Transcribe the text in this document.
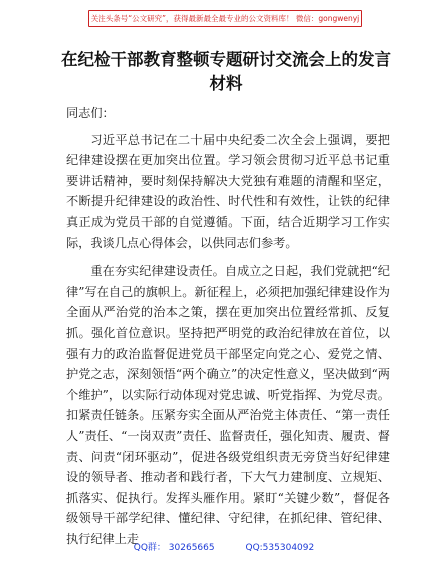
关注头条号“公文研究”，获得最新最全最专业的公文资料库！ 微信：gongwenyj
在纪检干部教育整顿专题研讨交流会上的发言材料

同志们：

习近平总书记在二十届中央纪委二次全会上强调，要把纪律建设摆在更加突出位置。学习领会贯彻习近平总书记重要讲话精神，要时刻保持解决大党独有难题的清醒和坚定，不断提升纪律建设的政治性、时代性和有效性，让铁的纪律真正成为党员干部的自觉遵循。下面，结合近期学习工作实际，我谈几点心得体会，以供同志们参考。

重在夯实纪律建设责任。自成立之日起，我们党就把“纪律”写在自己的旗帜上。新征程上，必须把加强纪律建设作为全面从严治党的治本之策，摆在更加突出位置经常抓、反复抓。强化首位意识。坚持把严明党的政治纪律放在首位，以强有力的政治监督促进党员干部坚定向党之心、爱党之情、护党之志，深刻领悟“两个确立”的决定性意义，坚决做到“两个维护”，以实际行动体现对党忠诚、听党指挥、为党尽责。扣紧责任链条。压紧夯实全面从严治党主体责任、“第一责任人”责任、“一岗双责”责任、监督责任，强化知责、履责、督责、问责“闭环驱动”，促进各级党组织责无旁贷当好纪律建设的领导者、推动者和践行者，下大气力建制度、立规矩、抓落实、促执行。发挥头雁作用。紧盯“关键少数”，督促各级领导干部学纪律、懂纪律、守纪律，在抓纪律、管纪律、执行纪律上走

QQ群： 30265665	QQ:535304092
